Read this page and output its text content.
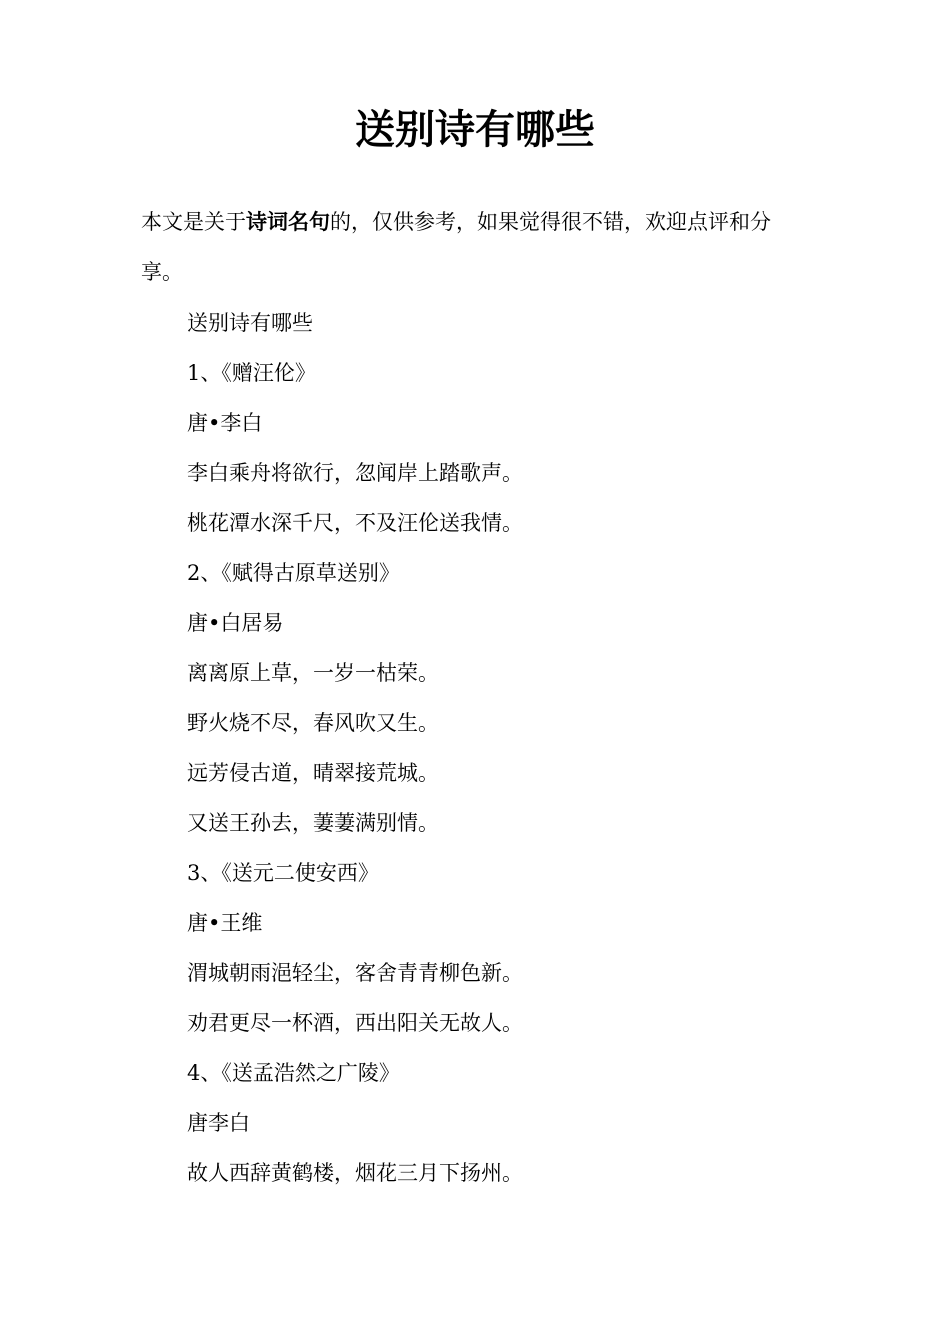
送别诗有哪些

本文是关于诗词名句的，仅供参考，如果觉得很不错，欢迎点评和分享。

送别诗有哪些
1、《赠汪伦》
唐•李白
李白乘舟将欲行，忽闻岸上踏歌声。
桃花潭水深千尺，不及汪伦送我情。
2、《赋得古原草送别》
唐•白居易
离离原上草，一岁一枯荣。
野火烧不尽，春风吹又生。
远芳侵古道，晴翠接荒城。
又送王孙去，萋萋满别情。
3、《送元二使安西》
唐•王维
渭城朝雨浥轻尘，客舍青青柳色新。
劝君更尽一杯酒，西出阳关无故人。
4、《送孟浩然之广陵》
唐李白
故人西辞黄鹤楼，烟花三月下扬州。
